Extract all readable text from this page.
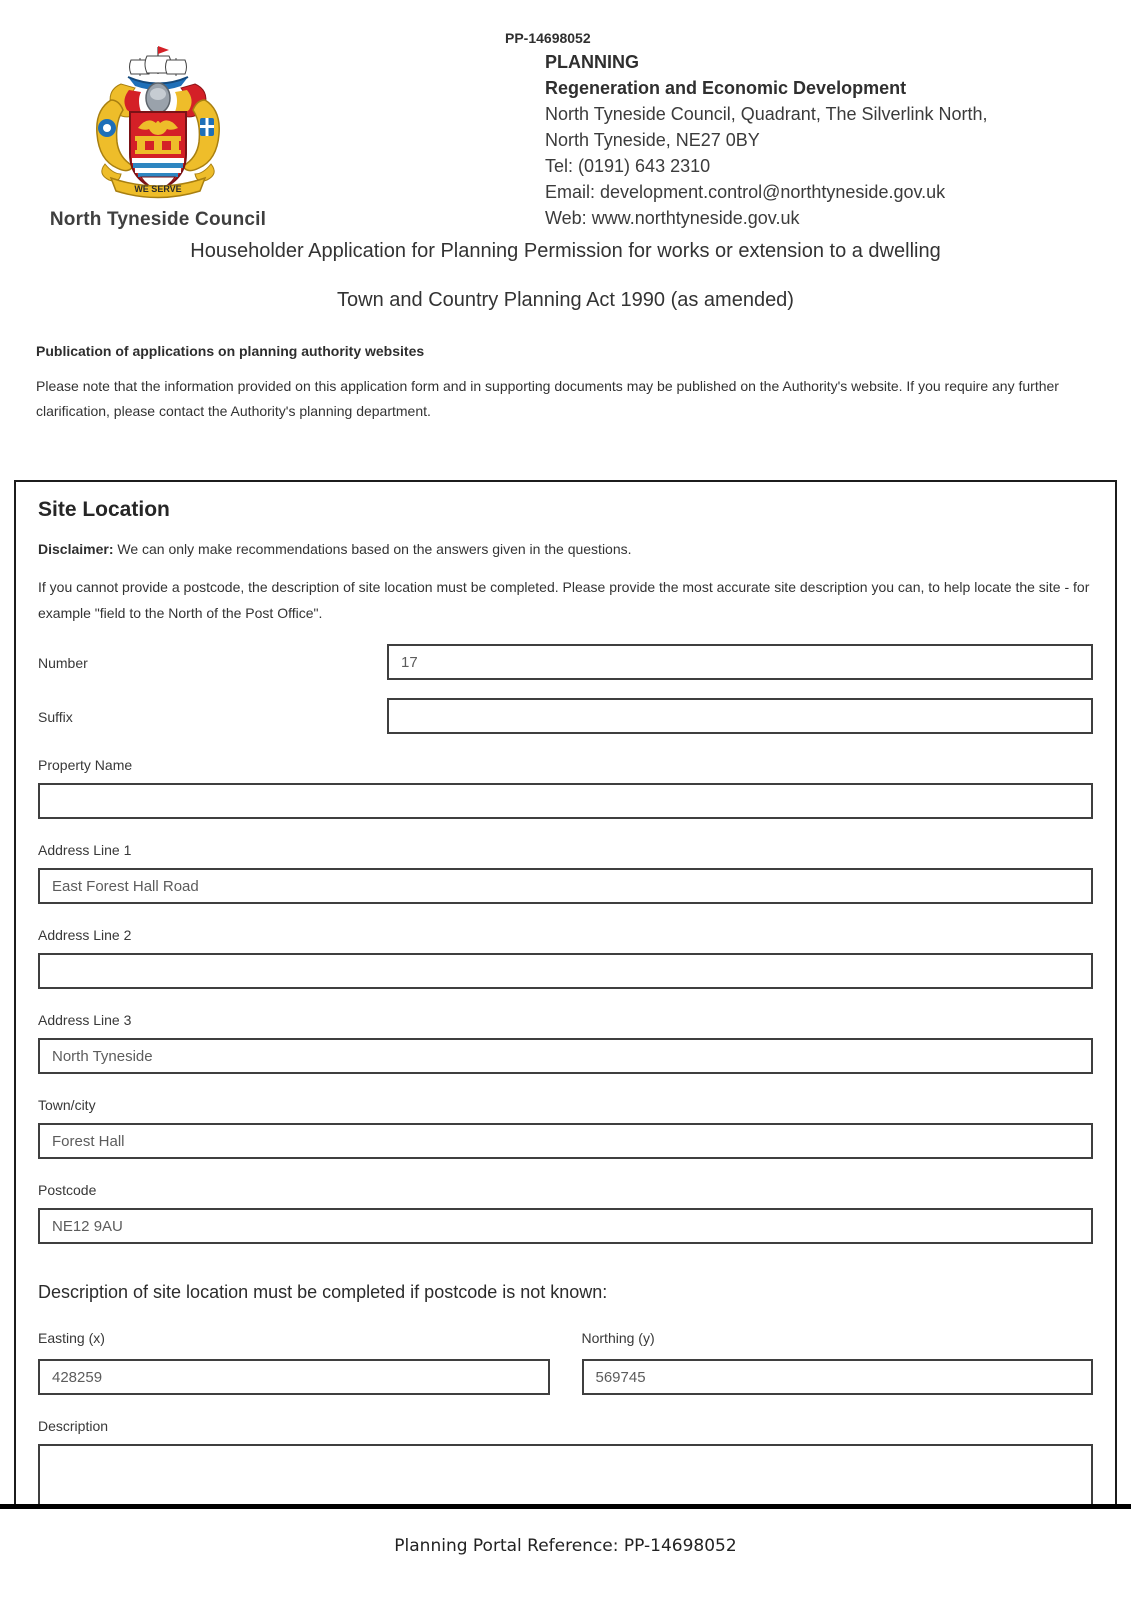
WE SERVE
North Tyneside Council
PP-14698052
PLANNING
Regeneration and Economic Development
North Tyneside Council, Quadrant, The Silverlink North,
North Tyneside, NE27 0BY
Tel: (0191) 643 2310
Email: development.control@northtyneside.gov.uk
Web: www.northtyneside.gov.uk
Householder Application for Planning Permission for works or extension to a dwelling
Town and Country Planning Act 1990 (as amended)
Publication of applications on planning authority websites
Please note that the information provided on this application form and in supporting documents may be published on the Authority's website. If you require any further clarification, please contact the Authority's planning department.
Site Location
Disclaimer: We can only make recommendations based on the answers given in the questions.
If you cannot provide a postcode, the description of site location must be completed. Please provide the most accurate site description you can, to help locate the site - for example "field to the North of the Post Office".
Number
17
Suffix
Property Name
Address Line 1
East Forest Hall Road
Address Line 2
Address Line 3
North Tyneside
Town/city
Forest Hall
Postcode
NE12 9AU
Description of site location must be completed if postcode is not known:
Easting (x)
428259	Northing (y)
569745
Description
Planning Portal Reference: PP-14698052
